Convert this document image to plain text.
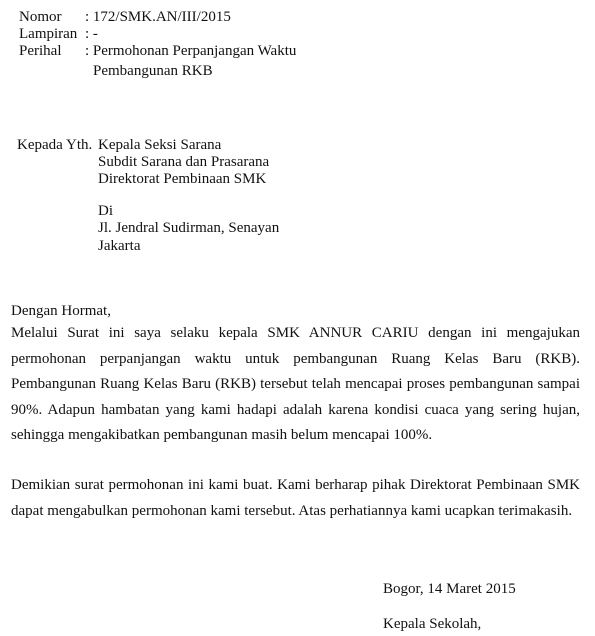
Nomor : 172/SMK.AN/III/2015
Lampiran : -
Perihal : Permohonan Perpanjangan Waktu
Pembangunan RKB
Kepada Yth. Kepala Seksi Sarana
Subdit Sarana dan Prasarana
Direktorat Pembinaan SMK
Di
Jl. Jendral Sudirman, Senayan
Jakarta
Dengan Hormat,
Melalui Surat ini saya selaku kepala SMK ANNUR CARIU dengan ini mengajukan permohonan perpanjangan waktu untuk pembangunan Ruang Kelas Baru (RKB). Pembangunan Ruang Kelas Baru (RKB) tersebut telah mencapai proses pembangunan sampai 90%. Adapun hambatan yang kami hadapi adalah karena kondisi cuaca yang sering hujan, sehingga mengakibatkan pembangunan masih belum mencapai 100%.
Demikian surat permohonan ini kami buat. Kami berharap pihak Direktorat Pembinaan SMK dapat mengabulkan permohonan kami tersebut. Atas perhatiannya kami ucapkan terimakasih.
Bogor, 14 Maret 2015
Kepala Sekolah,
